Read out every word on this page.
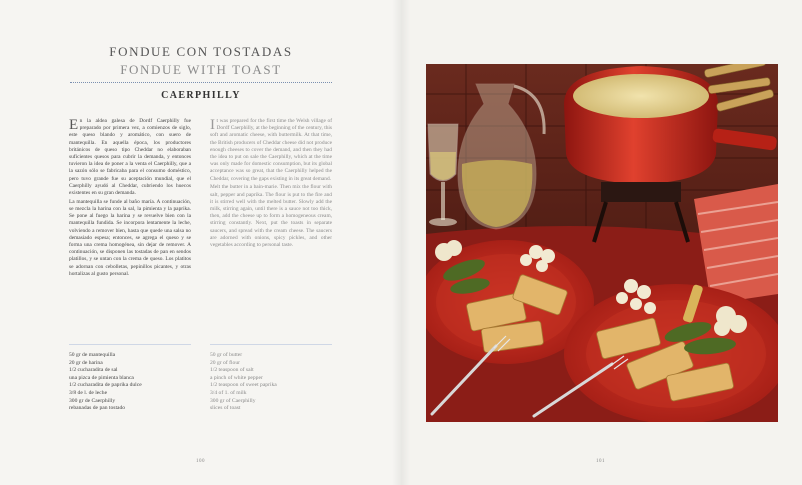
FONDUE CON TOSTADAS
FONDUE WITH TOAST
CAERPHILLY

En la aldea galesa de Dordf Caerphilly fue preparado por primera vez, a comienzos de siglo, este queso blando y aromático, con suero de mantequilla. En aquella época, los productores británicos de queso tipo Cheddar no elaboraban suficientes quesos para cubrir la demanda, y entonces tuvieron la idea de poner a la venta el Caerphilly, que a la sazón sólo se fabricaba para el consumo doméstico, pero tuvo grande fue su aceptación mundial, que el Caerphilly ayudó al Cheddar, cubriendo los huecos existentes en su gran demanda.

La mantequilla se funde al baño maría. A continuación, se mezcla la harina con la sal, la pimienta y la paprika. Se pone al fuego la harina y se revuelve bien con la mantequilla fundida. Se incorpora lentamente la leche, volviendo a remover bien, hasta que quede una salsa no demasiado espesa; entonces, se agrega el queso y se forma una crema homogénea, sin dejar de remover. A continuación, se disponen las tostadas de pan en sendos platillos, y se untan con la crema de queso. Los platitos se adornan con cebolletas, pepinillos picantes, y otras hortalizas al gusto personal.

It was prepared for the first time the Welsh village of Dordf Caerphilly, at the beginning of the century, this soft and aromatic cheese, with buttermilk. At that time, the British producers of Cheddar cheese did not produce enough cheeses to cover the demand, and then they had the idea to put on sale the Caerphilly, which at the time was only made for domestic consumption, but its global acceptance was so great, that the Caerphilly helped the Cheddar, covering the gaps existing in its great demand.

Melt the butter in a bain-marie. Then mix the flour with salt, pepper and paprika. The flour is put to the fire and it is stirred well with the melted butter. Slowly add the milk, stirring again, until there is a sauce not too thick, then, add the cheese up to form a homogeneous cream, stirring constantly. Next, put the toasts in separate saucers, and spread with the cream cheese. The saucers are adorned with onions, spicy pickles, and other vegetables according to personal taste.

50 gr de mantequilla
20 gr de harina
1/2 cucharadita de sal
una pizca de pimienta blanca
1/2 cucharadita de paprika dulce
3/8 de l. de leche
300 gr de Caerphilly
rebanadas de pan tostado
50 gr of butter
20 gr of flour
1/2 teaspoon of salt
a pinch of white pepper
1/2 teaspoon of sweet paprika
3/4 of 1. of milk
300 gr of Caerphilly
slices of toast
100	101
